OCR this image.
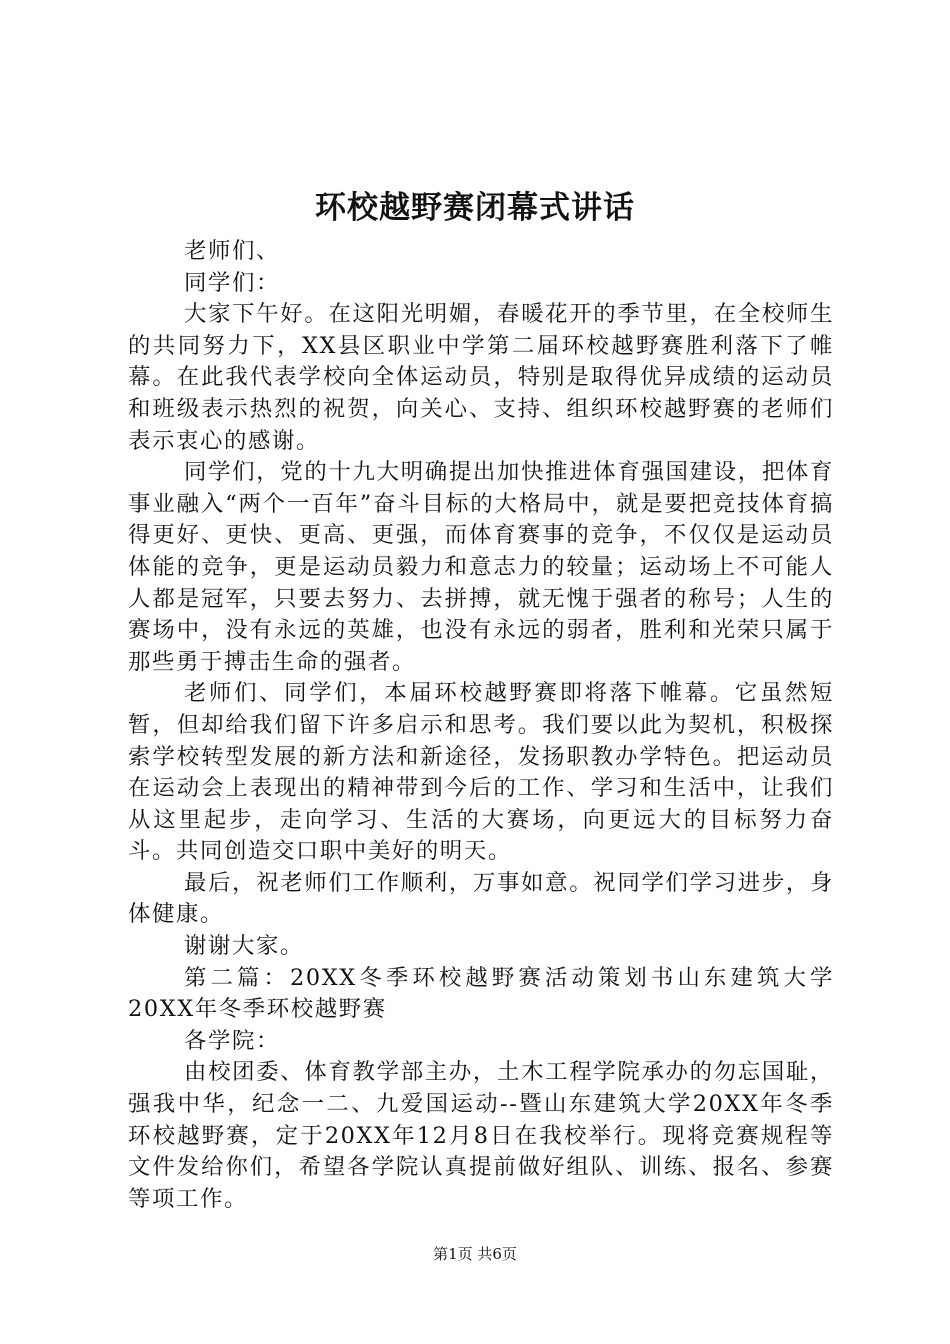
环校越野赛闭幕式讲话

老师们、

同学们：

大家下午好。在这阳光明媚，春暖花开的季节里，在全校师生的共同努力下，XX县区职业中学第二届环校越野赛胜利落下了帷幕。在此我代表学校向全体运动员，特别是取得优异成绩的运动员和班级表示热烈的祝贺，向关心、支持、组织环校越野赛的老师们表示衷心的感谢。

同学们，党的十九大明确提出加快推进体育强国建设，把体育事业融入“两个一百年”奋斗目标的大格局中，就是要把竞技体育搞得更好、更快、更高、更强，而体育赛事的竞争，不仅仅是运动员体能的竞争，更是运动员毅力和意志力的较量；运动场上不可能人人都是冠军，只要去努力、去拼搏，就无愧于强者的称号；人生的赛场中，没有永远的英雄，也没有永远的弱者，胜利和光荣只属于那些勇于搏击生命的强者。

老师们、同学们，本届环校越野赛即将落下帷幕。它虽然短暂，但却给我们留下许多启示和思考。我们要以此为契机，积极探索学校转型发展的新方法和新途径，发扬职教办学特色。把运动员在运动会上表现出的精神带到今后的工作、学习和生活中，让我们从这里起步，走向学习、生活的大赛场，向更远大的目标努力奋斗。共同创造交口职中美好的明天。

最后，祝老师们工作顺利，万事如意。祝同学们学习进步，身体健康。

谢谢大家。

第二篇：20XX冬季环校越野赛活动策划书山东建筑大学20XX年冬季环校越野赛

各学院：

由校团委、体育教学部主办，土木工程学院承办的勿忘国耻，强我中华，纪念一二、九爱国运动--暨山东建筑大学20XX年冬季环校越野赛，定于20XX年12月8日在我校举行。现将竞赛规程等文件发给你们，希望各学院认真提前做好组队、训练、报名、参赛等项工作。

第1页 共6页
